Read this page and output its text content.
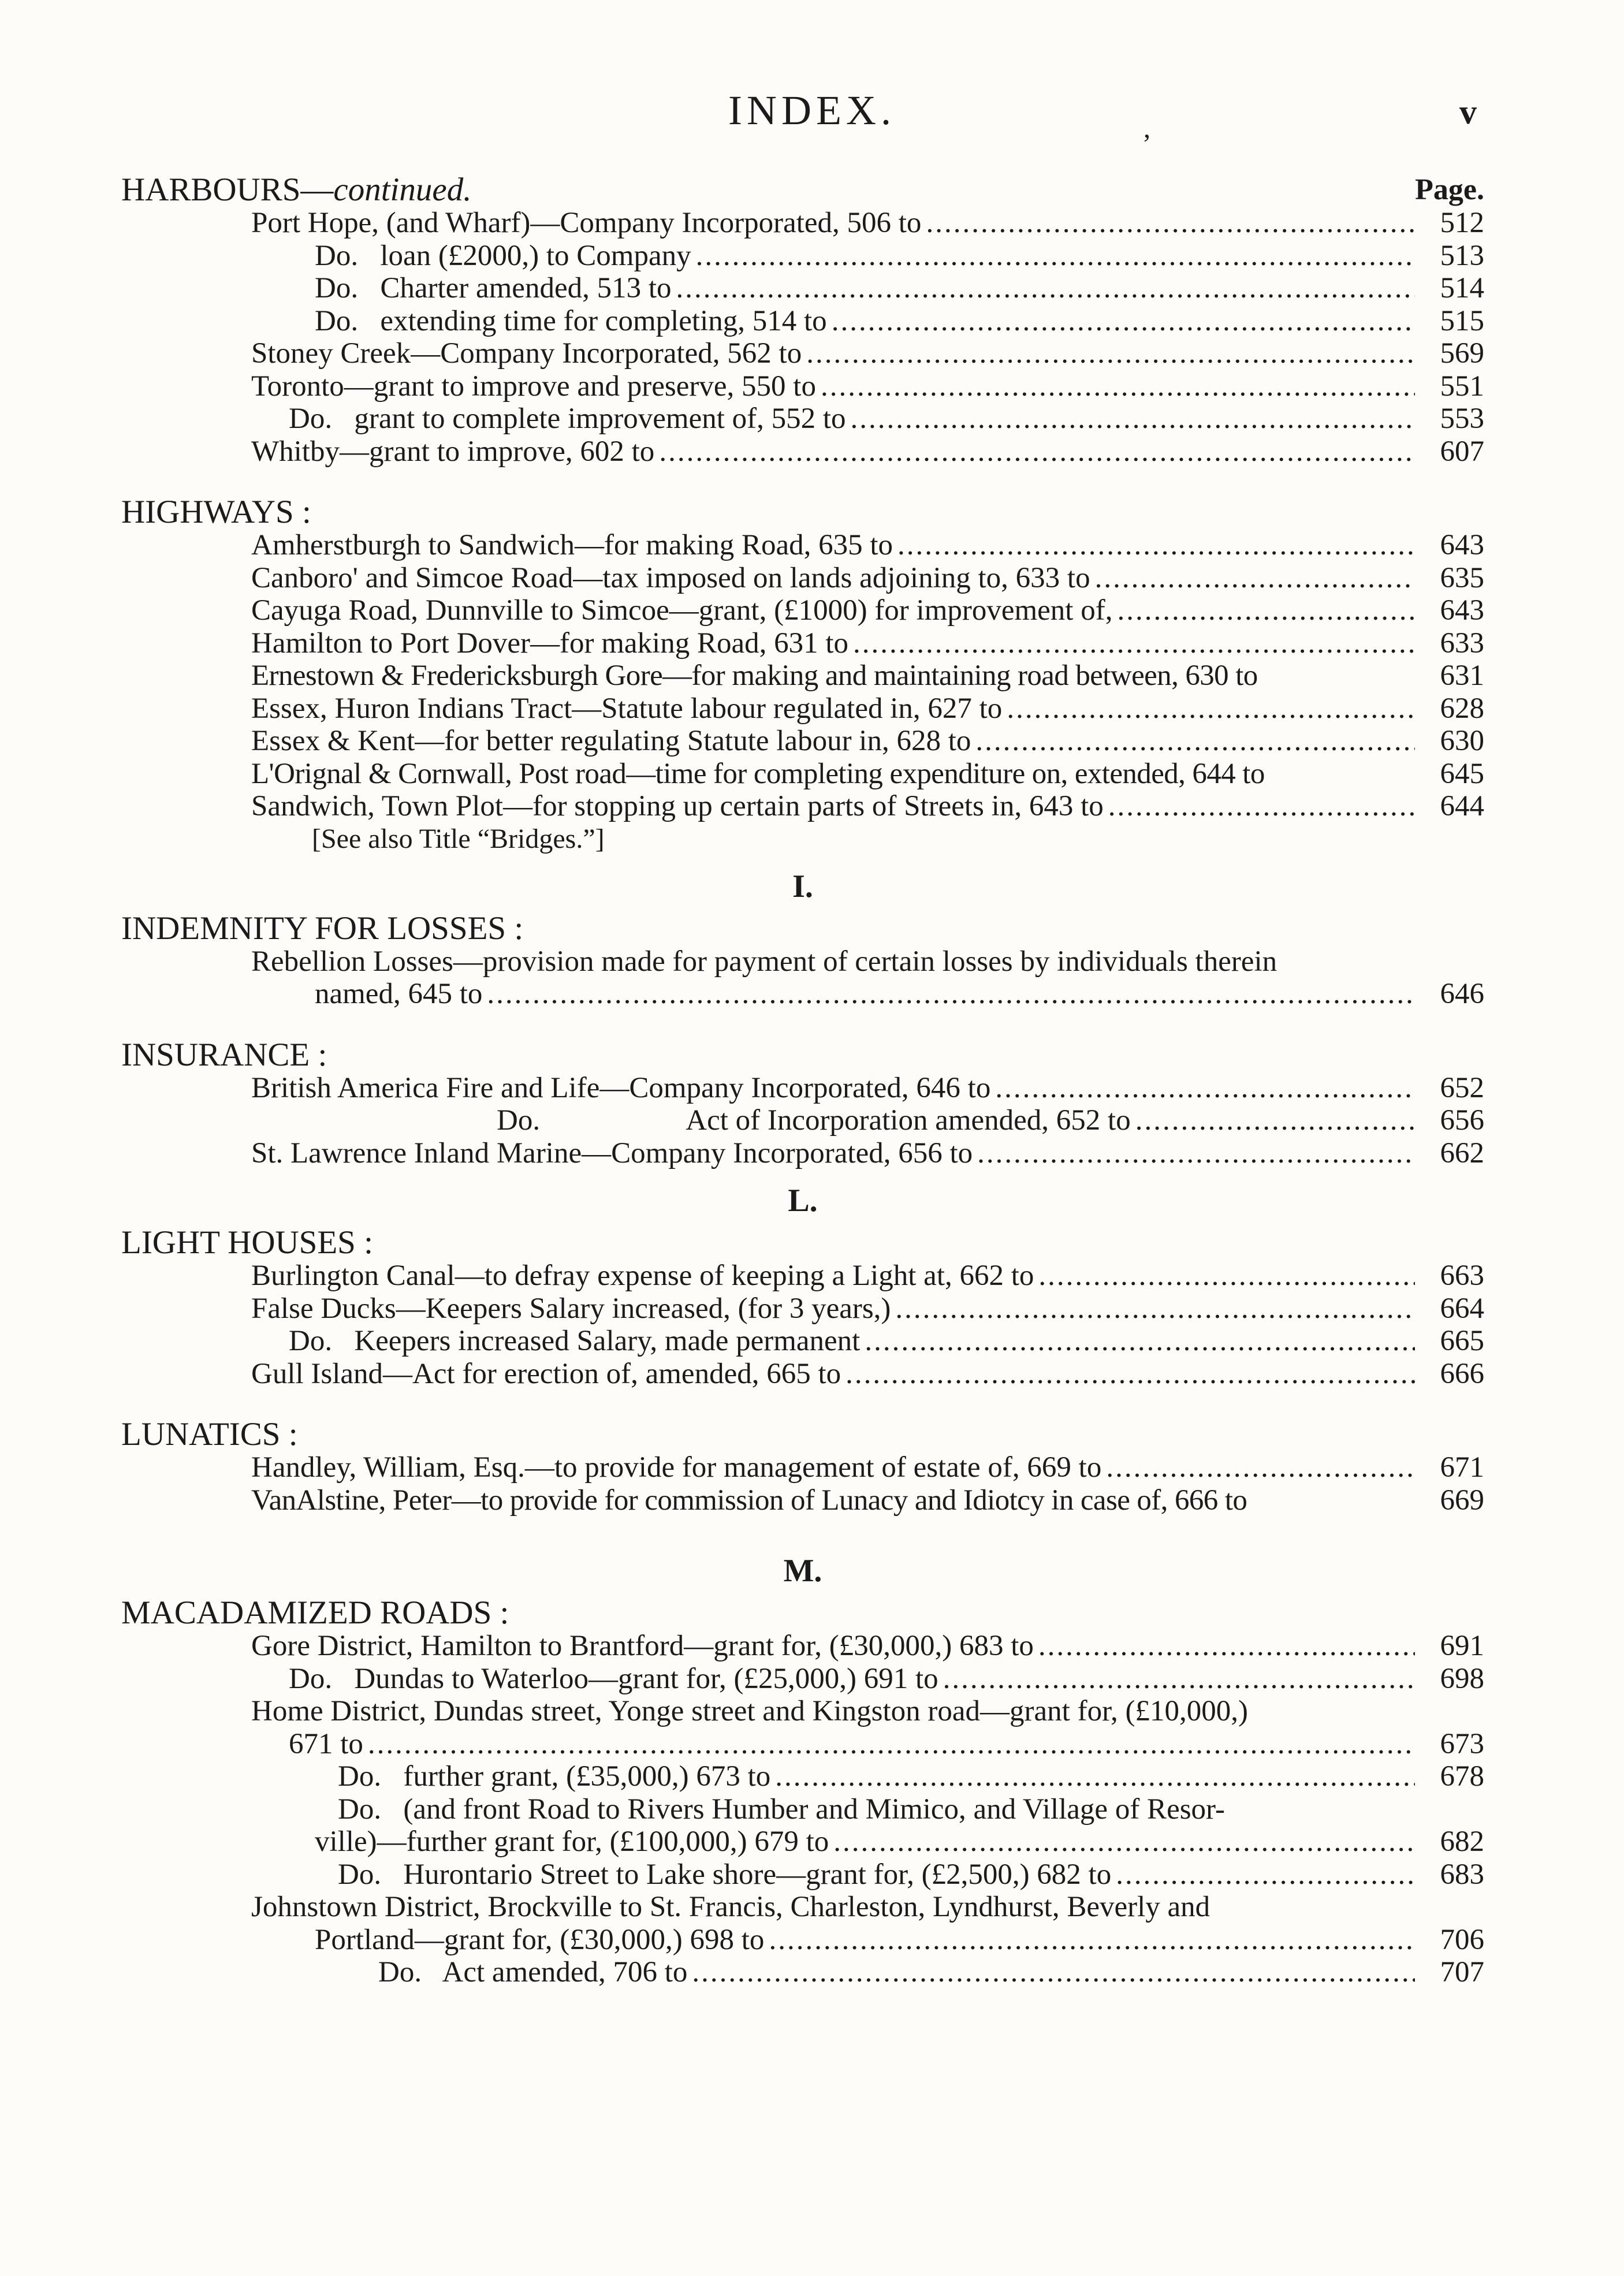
INDEX.	,	v
HARBOURS—continued.	Page.
Port Hope, (and Wharf)—Company Incorporated, 506 to .....	512
Do.   loan (£2000,) to Company .....	513
Do.   Charter amended, 513 to .....	514
Do.   extending time for completing, 514 to .....	515
Stoney Creek—Company Incorporated, 562 to .....	569
Toronto—grant to improve and preserve, 550 to .....	551
Do.   grant to complete improvement of, 552 to .....	553
Whitby—grant to improve, 602 to .....	607
HIGHWAYS :
Amherstburgh to Sandwich—for making Road, 635 to .....	643
Canboro' and Simcoe Road—tax imposed on lands adjoining to, 633 to .....	635
Cayuga Road, Dunnville to Simcoe—grant, (£1000) for improvement of, .....	643
Hamilton to Port Dover—for making Road, 631 to .....	633
Ernestown & Fredericksburgh Gore—for making and maintaining road between, 630 to	631
Essex, Huron Indians Tract—Statute labour regulated in, 627 to .....	628
Essex & Kent—for better regulating Statute labour in, 628 to .....	630
L'Orignal & Cornwall, Post road—time for completing expenditure on, extended, 644 to	645
Sandwich, Town Plot—for stopping up certain parts of Streets in, 643 to .....	644
[See also Title “Bridges.”]
I.
INDEMNITY FOR LOSSES :
Rebellion Losses—provision made for payment of certain losses by individuals therein
named, 645 to .....	646
INSURANCE :
British America Fire and Life—Company Incorporated, 646 to .....	652
Do.                    Act of Incorporation amended, 652 to .....	656
St. Lawrence Inland Marine—Company Incorporated, 656 to .....	662
L.
LIGHT HOUSES :
Burlington Canal—to defray expense of keeping a Light at, 662 to .....	663
False Ducks—Keepers Salary increased, (for 3 years,) .....	664
Do.   Keepers increased Salary, made permanent .....	665
Gull Island—Act for erection of, amended, 665 to .....	666
LUNATICS :
Handley, William, Esq.—to provide for management of estate of, 669 to .....	671
VanAlstine, Peter—to provide for commission of Lunacy and Idiotcy in case of, 666 to	669
M.
MACADAMIZED ROADS :
Gore District, Hamilton to Brantford—grant for, (£30,000,) 683 to .....	691
Do.   Dundas to Waterloo—grant for, (£25,000,) 691 to .....	698
Home District, Dundas street, Yonge street and Kingston road—grant for, (£10,000,)
671 to .....	673
Do.   further grant, (£35,000,) 673 to .....	678
Do.   (and front Road to Rivers Humber and Mimico, and Village of Resor-
ville)—further grant for, (£100,000,) 679 to .....	682
Do.   Hurontario Street to Lake shore—grant for, (£2,500,) 682 to .....	683
Johnstown District, Brockville to St. Francis, Charleston, Lyndhurst, Beverly and
Portland—grant for, (£30,000,) 698 to .....	706
Do.   Act amended, 706 to .....	707
